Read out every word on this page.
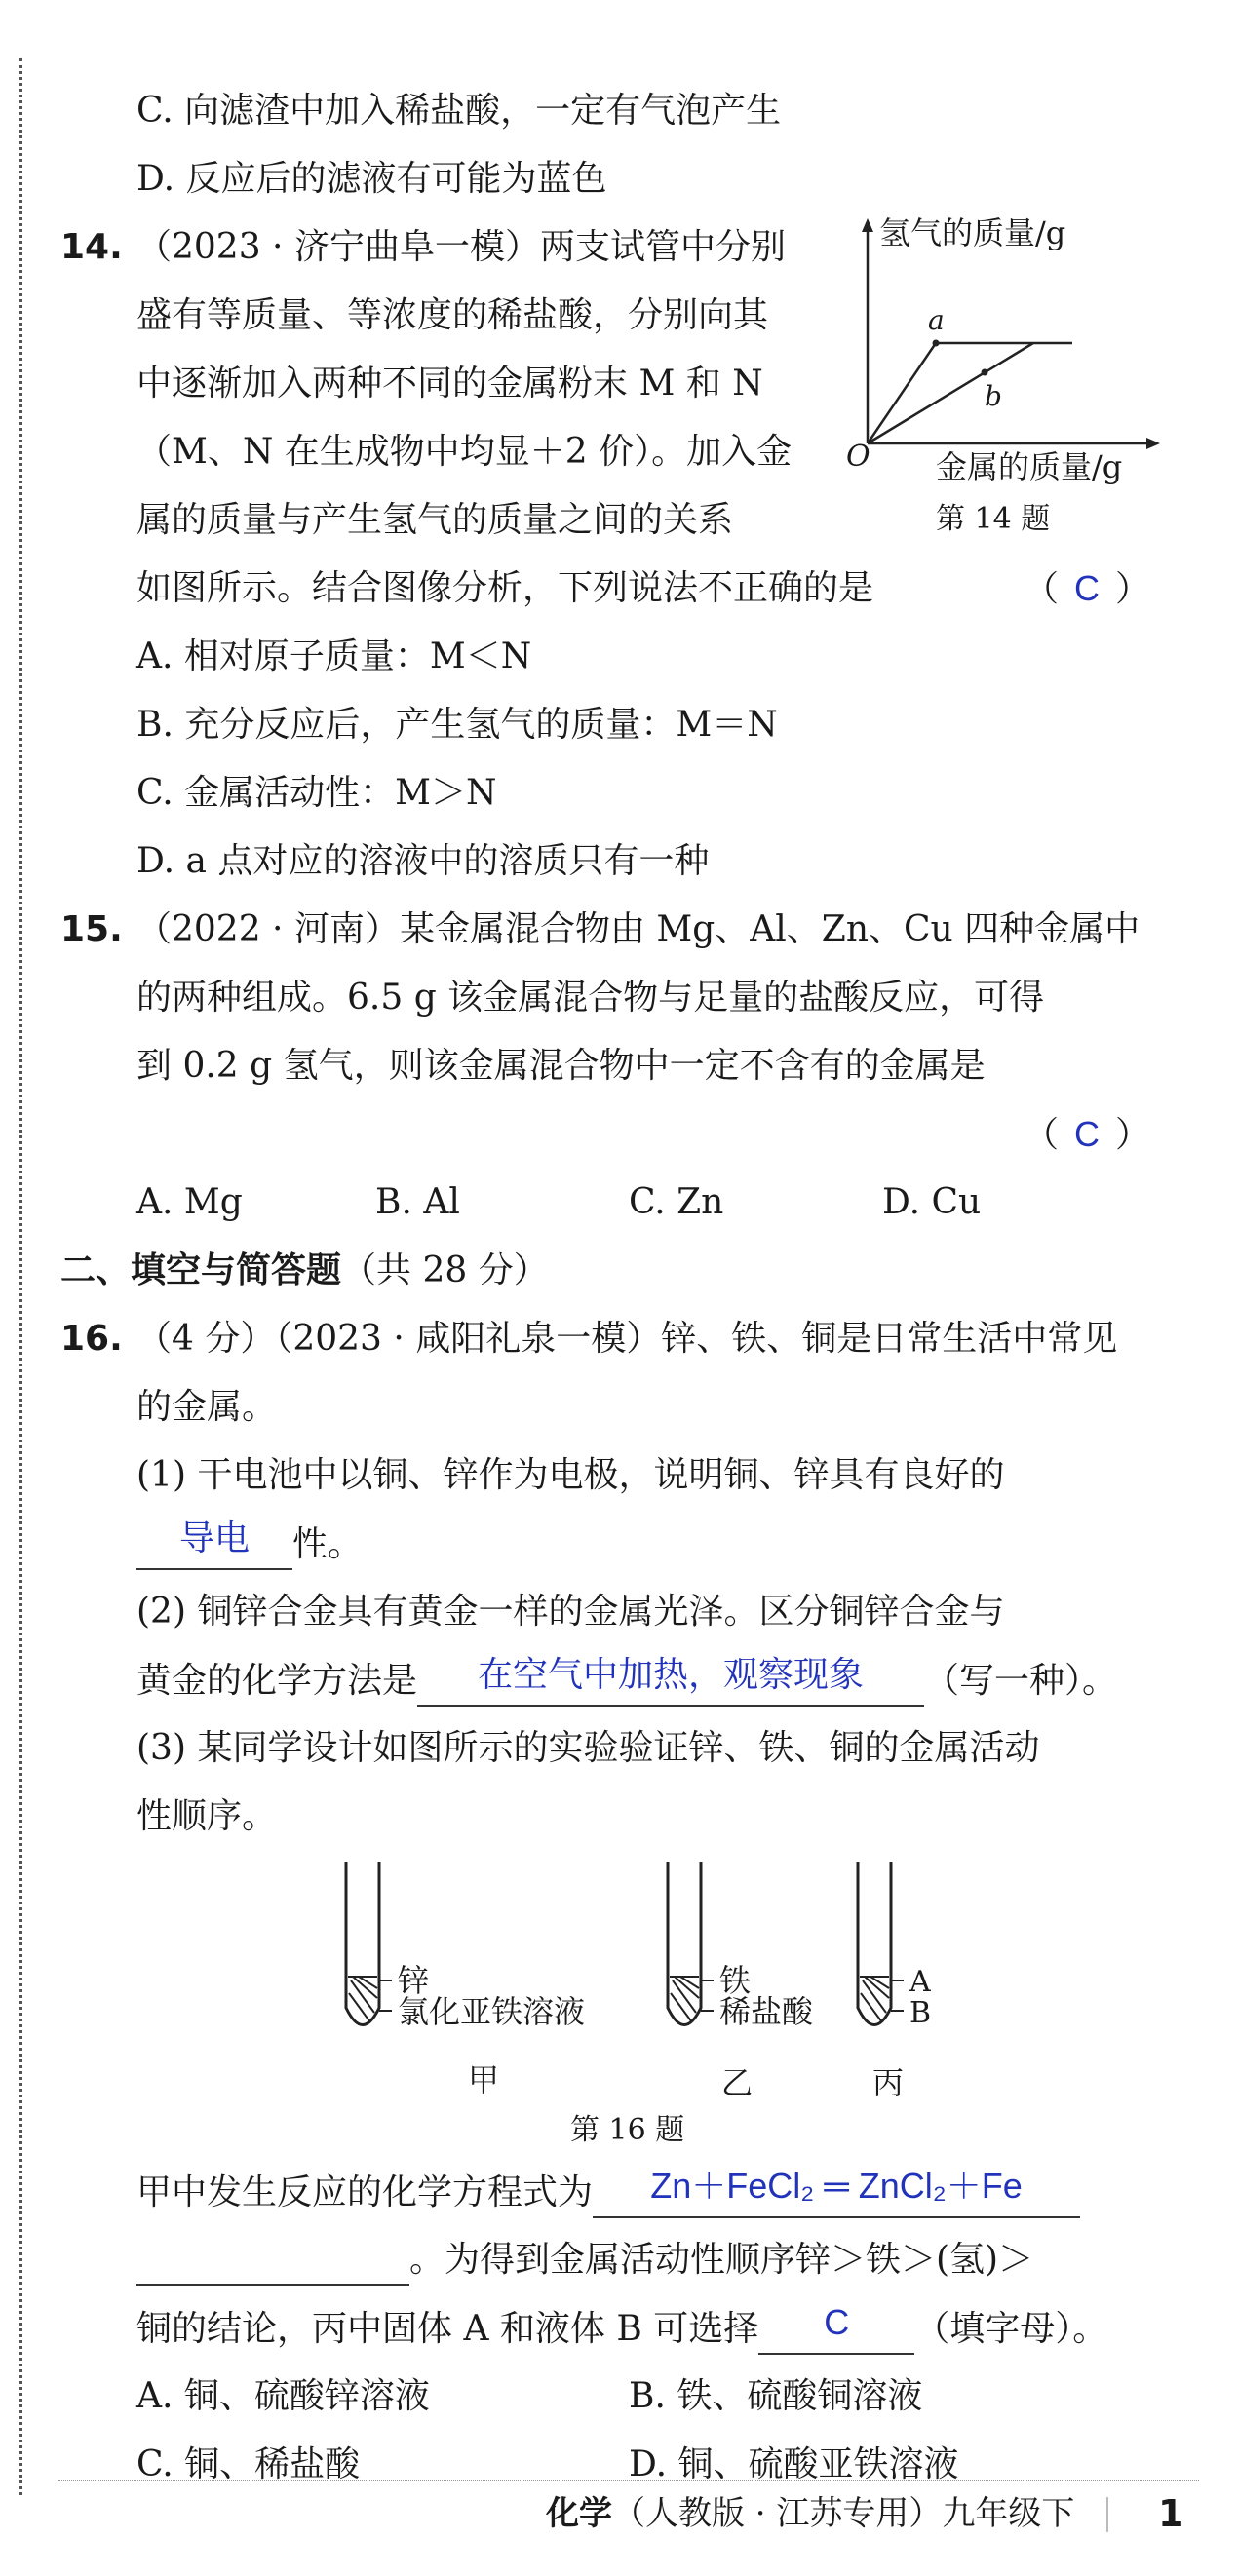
C. 向滤渣中加入稀盐酸，一定有气泡产生
D. 反应后的滤液有可能为蓝色
14. （2023 · 济宁曲阜一模）两支试管中分别
盛有等质量、等浓度的稀盐酸，分别向其
中逐渐加入两种不同的金属粉末 M 和 N
（M、N 在生成物中均显＋2 价）。加入金
属的质量与产生氢气的质量之间的关系
如图所示。结合图像分析，下列说法不正确的是	（ C ）
氢气的质量/g
金属的质量/g
O
a
b
第 14 题
A. 相对原子质量：M＜N
B. 充分反应后，产生氢气的质量：M＝N
C. 金属活动性：M＞N
D. a 点对应的溶液中的溶质只有一种
15. （2022 · 河南）某金属混合物由 Mg、Al、Zn、Cu 四种金属中
的两种组成。6.5 g 该金属混合物与足量的盐酸反应，可得
到 0.2 g 氢气，则该金属混合物中一定不含有的金属是
（ C ）
A. Mg	B. Al	C. Zn	D. Cu
二、填空与简答题（共 28 分）
16. （4 分）（2023 · 咸阳礼泉一模）锌、铁、铜是日常生活中常见
的金属。
(1) 干电池中以铜、锌作为电极，说明铜、锌具有良好的
导电 性。
(2) 铜锌合金具有黄金一样的金属光泽。区分铜锌合金与
黄金的化学方法是 在空气中加热，观察现象 （写一种）。
(3) 某同学设计如图所示的实验验证锌、铁、铜的金属活动
性顺序。
锌
氯化亚铁溶液
甲
铁
稀盐酸
乙
A
B
丙
第 16 题
甲中发生反应的化学方程式为 Zn＋FeCl₂ ═ ZnCl₂＋Fe
。为得到金属活动性顺序锌＞铁＞(氢)＞
铜的结论，丙中固体 A 和液体 B 可选择 C （填字母）。
A. 铜、硫酸锌溶液	B. 铁、硫酸铜溶液
C. 铜、稀盐酸	D. 铜、硫酸亚铁溶液
化学（人教版 · 江苏专用）九年级下 1
